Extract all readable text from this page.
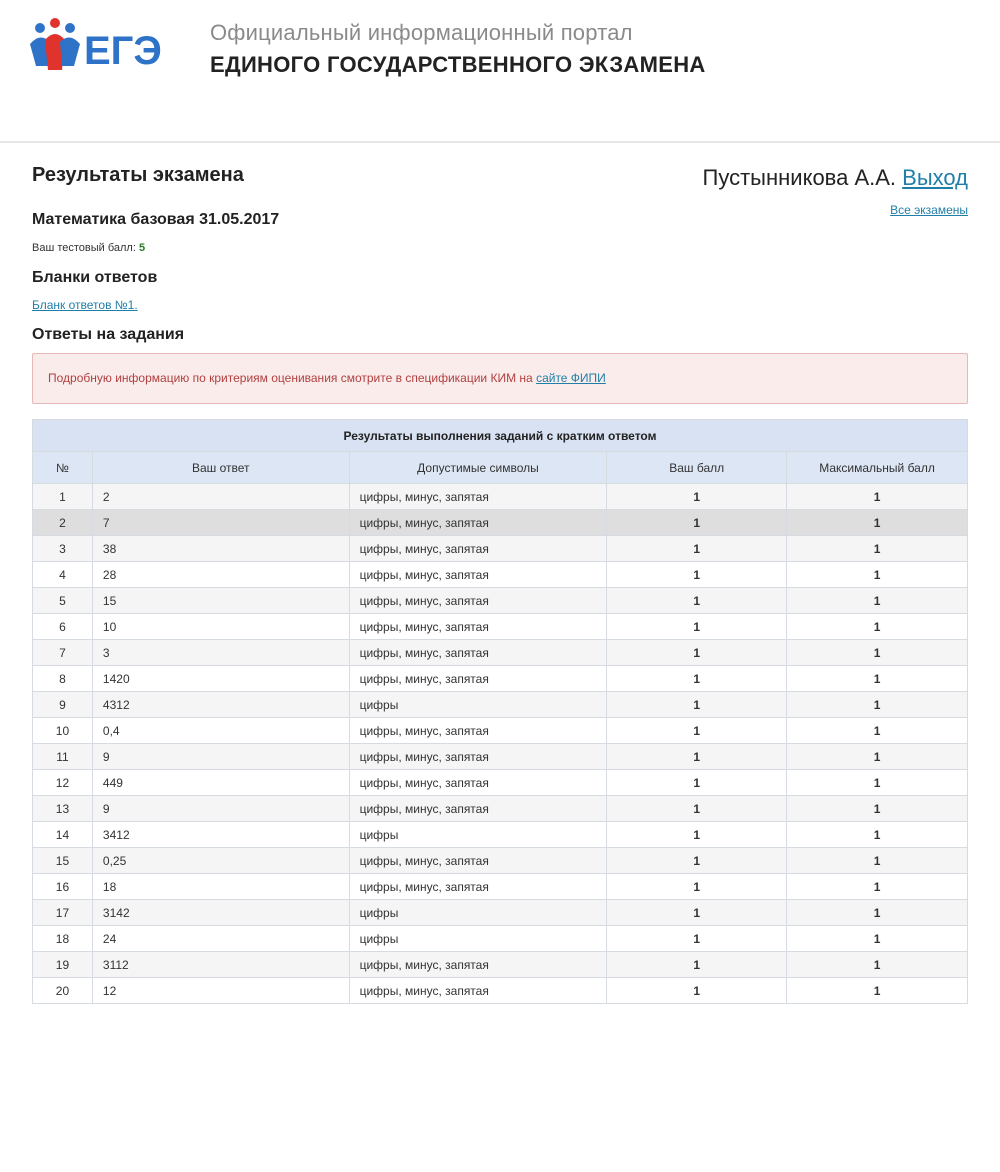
ЕГЭ Официальный информационный портал
ЕДИНОГО ГОСУДАРСТВЕННОГО ЭКЗАМЕНА
Результаты экзамена	Пустынникова А.А. Выход
Все экзамены
Математика базовая 31.05.2017
Ваш тестовый балл: 5
Бланки ответов
Бланк ответов №1.
Ответы на задания
Подробную информацию по критериям оценивания смотрите в спецификации КИМ на сайте ФИПИ
Результаты выполнения заданий с кратким ответом				
№	Ваш ответ	Допустимые символы	Ваш балл	Максимальный балл
1	2	цифры, минус, запятая	1	1
2	7	цифры, минус, запятая	1	1
3	38	цифры, минус, запятая	1	1
4	28	цифры, минус, запятая	1	1
5	15	цифры, минус, запятая	1	1
6	10	цифры, минус, запятая	1	1
7	3	цифры, минус, запятая	1	1
8	1420	цифры, минус, запятая	1	1
9	4312	цифры	1	1
10	0,4	цифры, минус, запятая	1	1
11	9	цифры, минус, запятая	1	1
12	449	цифры, минус, запятая	1	1
13	9	цифры, минус, запятая	1	1
14	3412	цифры	1	1
15	0,25	цифры, минус, запятая	1	1
16	18	цифры, минус, запятая	1	1
17	3142	цифры	1	1
18	24	цифры	1	1
19	3112	цифры, минус, запятая	1	1
20	12	цифры, минус, запятая	1	1
